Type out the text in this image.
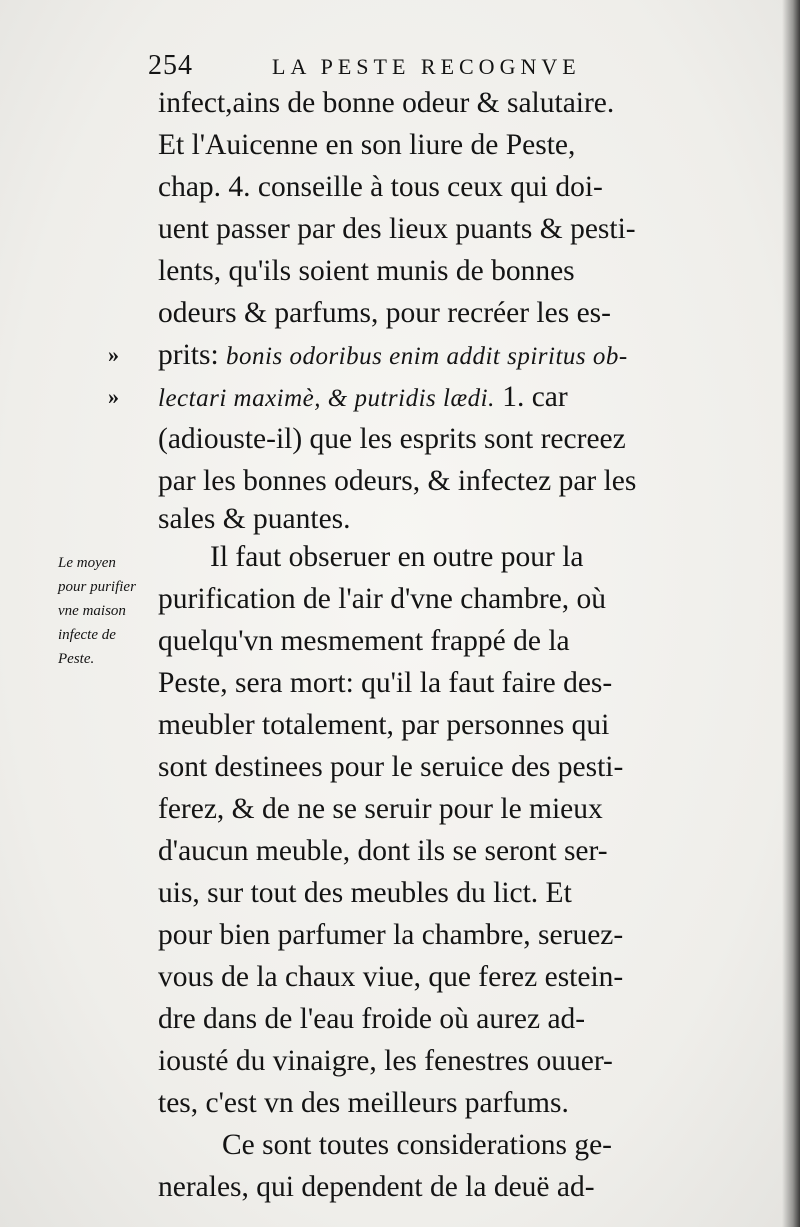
254	LA PESTE RECOGNVE
infect,ains de bonne odeur & salutaire.
Et l'Auicenne en son liure de Peste,
chap. 4. conseille à tous ceux qui doi-
uent passer par des lieux puants & pesti-
lents, qu'ils soient munis de bonnes
odeurs & parfums, pour recréer les es-
» prits: bonis odoribus enim addit spiritus ob-
» lectari maximè, & putridis lædi. 1. car
(adiouste-il) que les esprits sont recreez
par les bonnes odeurs, & infectez par les
sales & puantes.
Il faut obseruer en outre pour la
purification de l'air d'vne chambre, où
quelqu'vn mesmement frappé de la
Peste, sera mort: qu'il la faut faire des-
meubler totalement, par personnes qui
sont destinees pour le seruice des pesti-
ferez, & de ne se seruir pour le mieux
d'aucun meuble, dont ils se seront ser-
uis, sur tout des meubles du lict. Et
pour bien parfumer la chambre, seruez-
vous de la chaux viue, que ferez estein-
dre dans de l'eau froide où aurez ad-
iousté du vinaigre, les fenestres ouuer-
tes, c'est vn des meilleurs parfums.
Ce sont toutes considerations ge-
nerales, qui dependent de la deuë ad-
Le moyen
pour purifier
vne maison
infecte de
Peste.
